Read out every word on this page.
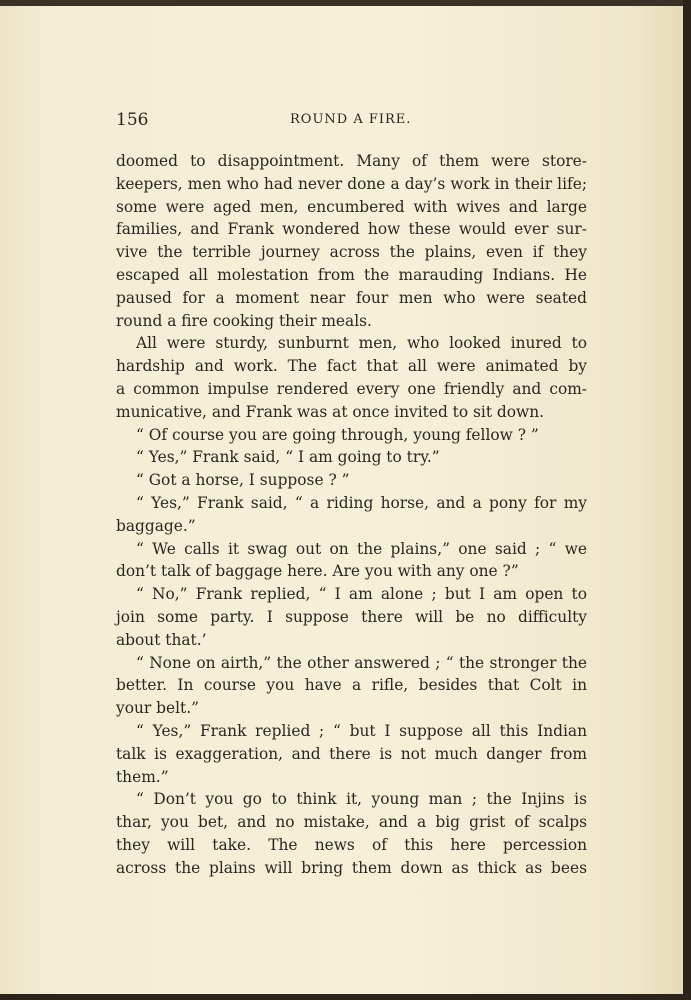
156	ROUND A FIRE.
doomed to disappointment. Many of them were store-
keepers, men who had never done a day’s work in their life;
some were aged men, encumbered with wives and large
families, and Frank wondered how these would ever sur-
vive the terrible journey across the plains, even if they
escaped all molestation from the marauding Indians. He
paused for a moment near four men who were seated
round a fire cooking their meals.
All were sturdy, sunburnt men, who looked inured to
hardship and work. The fact that all were animated by
a common impulse rendered every one friendly and com-
municative, and Frank was at once invited to sit down.
“ Of course you are going through, young fellow ? ”
“ Yes,” Frank said, “ I am going to try.”
“ Got a horse, I suppose ? ”
“ Yes,” Frank said, “ a riding horse, and a pony for my
baggage.”
“ We calls it swag out on the plains,” one said ; “ we
don’t talk of baggage here. Are you with any one ?”
“ No,” Frank replied, “ I am alone ; but I am open to
join some party. I suppose there will be no difficulty
about that.’
“ None on airth,” the other answered ; “ the stronger the
better. In course you have a rifle, besides that Colt in
your belt.”
“ Yes,” Frank replied ; “ but I suppose all this Indian
talk is exaggeration, and there is not much danger from
them.”
“ Don’t you go to think it, young man ; the Injins is
thar, you bet, and no mistake, and a big grist of scalps
they will take. The news of this here percession
across the plains will bring them down as thick as bees
